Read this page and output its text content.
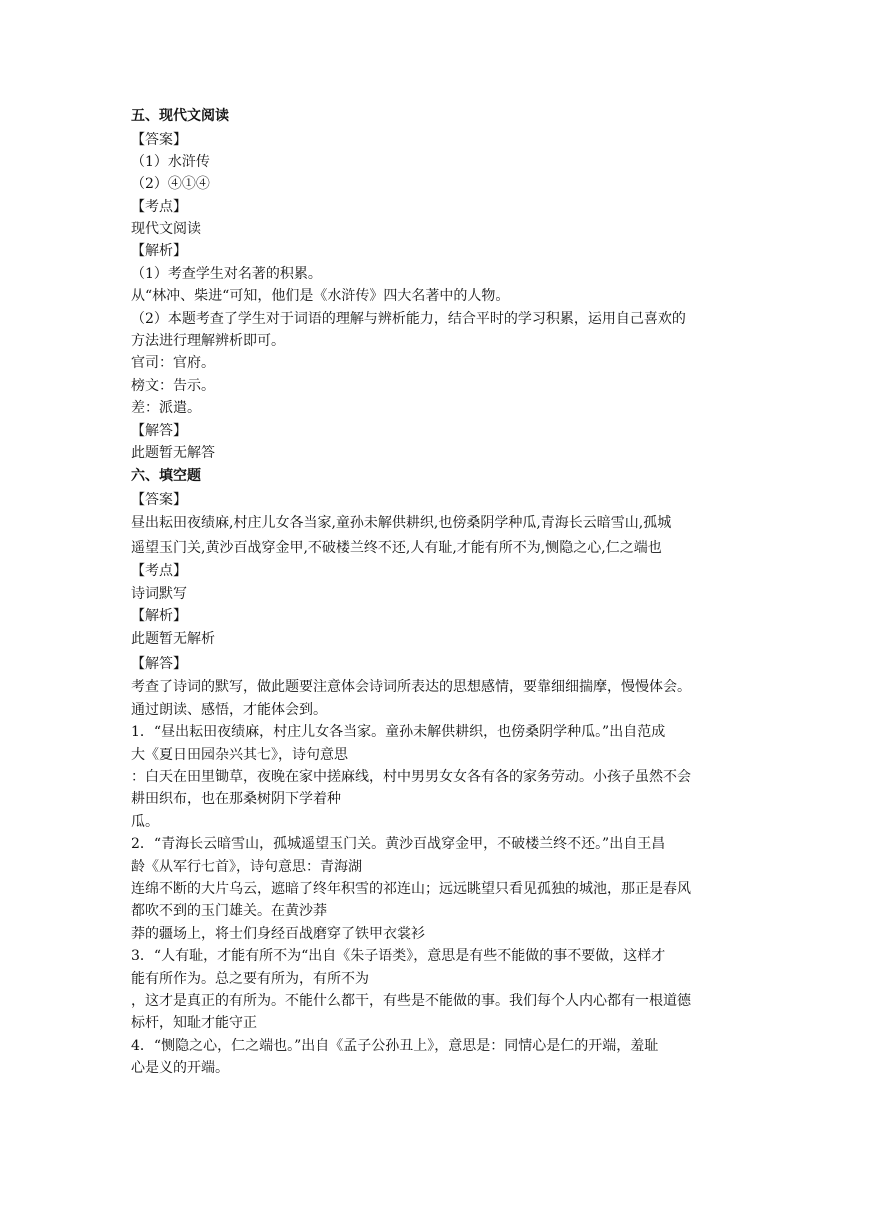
五、现代文阅读
【答案】
（1）水浒传
（2）④①④
【考点】
现代文阅读
【解析】
（1）考查学生对名著的积累。
从“林冲、柴进“可知，他们是《水浒传》四大名著中的人物。
（2）本题考查了学生对于词语的理解与辨析能力，结合平时的学习积累，运用自己喜欢的
方法进行理解辨析即可。
官司：官府。
榜文：告示。
差：派遣。
【解答】
此题暂无解答
六、填空题
【答案】
昼出耘田夜绩麻,村庄儿女各当家,童孙未解供耕织,也傍桑阴学种瓜,青海长云暗雪山,孤城
遥望玉门关,黄沙百战穿金甲,不破楼兰终不还,人有耻,才能有所不为,恻隐之心,仁之端也
【考点】
诗词默写
【解析】
此题暂无解析
【解答】
考查了诗词的默写，做此题要注意体会诗词所表达的思想感情，要靠细细揣摩，慢慢体会。
通过朗读、感悟，才能体会到。
1．“昼出耘田夜绩麻，村庄儿女各当家。童孙未解供耕织，也傍桑阴学种瓜。”出自范成
大《夏日田园杂兴其七》，诗句意思
：白天在田里锄草，夜晚在家中搓麻线，村中男男女女各有各的家务劳动。小孩子虽然不会
耕田织布，也在那桑树阴下学着种
瓜。
2．“青海长云暗雪山，孤城遥望玉门关。黄沙百战穿金甲，不破楼兰终不还。”出自王昌
龄《从军行七首》，诗句意思：青海湖
连绵不断的大片乌云，遮暗了终年积雪的祁连山；远远眺望只看见孤独的城池，那正是春风
都吹不到的玉门雄关。在黄沙莽
莽的疆场上，将士们身经百战磨穿了铁甲衣裳衫
3．“人有耻，才能有所不为“出自《朱子语类》，意思是有些不能做的事不要做，这样才
能有所作为。总之要有所为，有所不为
，这才是真正的有所为。不能什么都干，有些是不能做的事。我们每个人内心都有一根道德
标杆，知耻才能守正
4．“恻隐之心，仁之端也。”出自《孟子公孙丑上》，意思是：同情心是仁的开端，羞耻
心是义的开端。
